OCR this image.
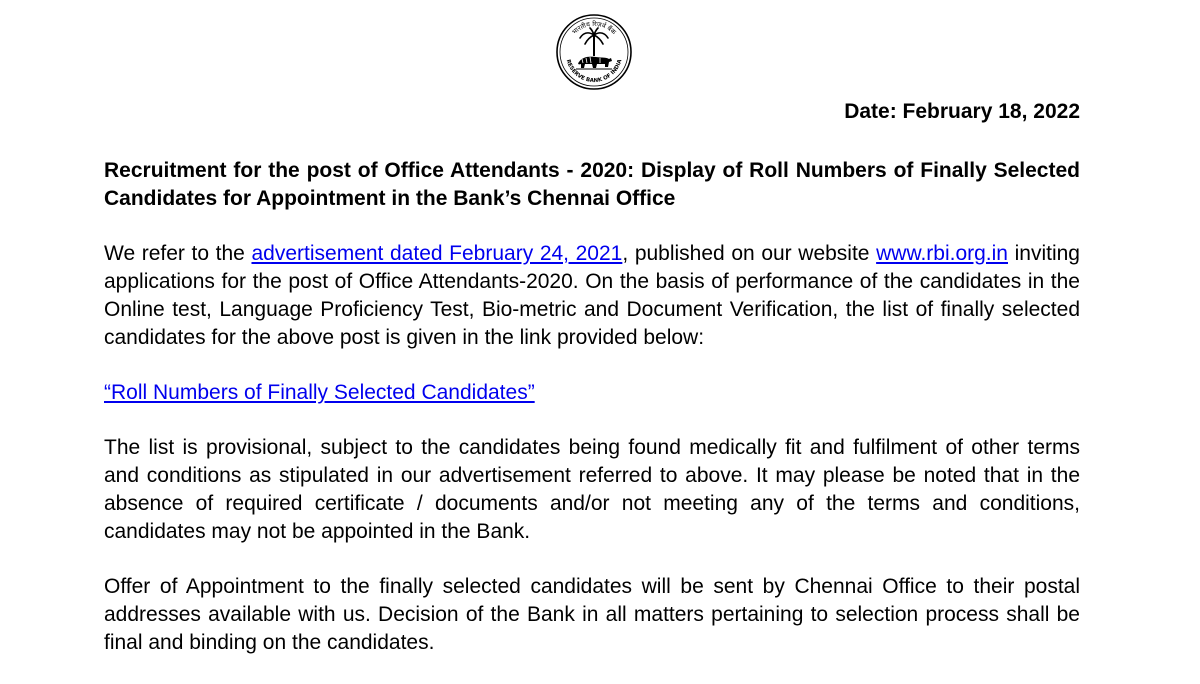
भारतीय रिज़र्व बैंक
RESERVE BANK OF INDIA
Date: February 18, 2022

Recruitment for the post of Office Attendants - 2020: Display of Roll Numbers of Finally Selected Candidates for Appointment in the Bank’s Chennai Office

We refer to the advertisement dated February 24, 2021, published on our website www.rbi.org.in inviting applications for the post of Office Attendants-2020. On the basis of performance of the candidates in the Online test, Language Proficiency Test, Bio-metric and Document Verification, the list of finally selected candidates for the above post is given in the link provided below:

“Roll Numbers of Finally Selected Candidates”

The list is provisional, subject to the candidates being found medically fit and fulfilment of other terms and conditions as stipulated in our advertisement referred to above. It may please be noted that in the absence of required certificate / documents and/or not meeting any of the terms and conditions, candidates may not be appointed in the Bank.

Offer of Appointment to the finally selected candidates will be sent by Chennai Office to their postal addresses available with us. Decision of the Bank in all matters pertaining to selection process shall be final and binding on the candidates.
